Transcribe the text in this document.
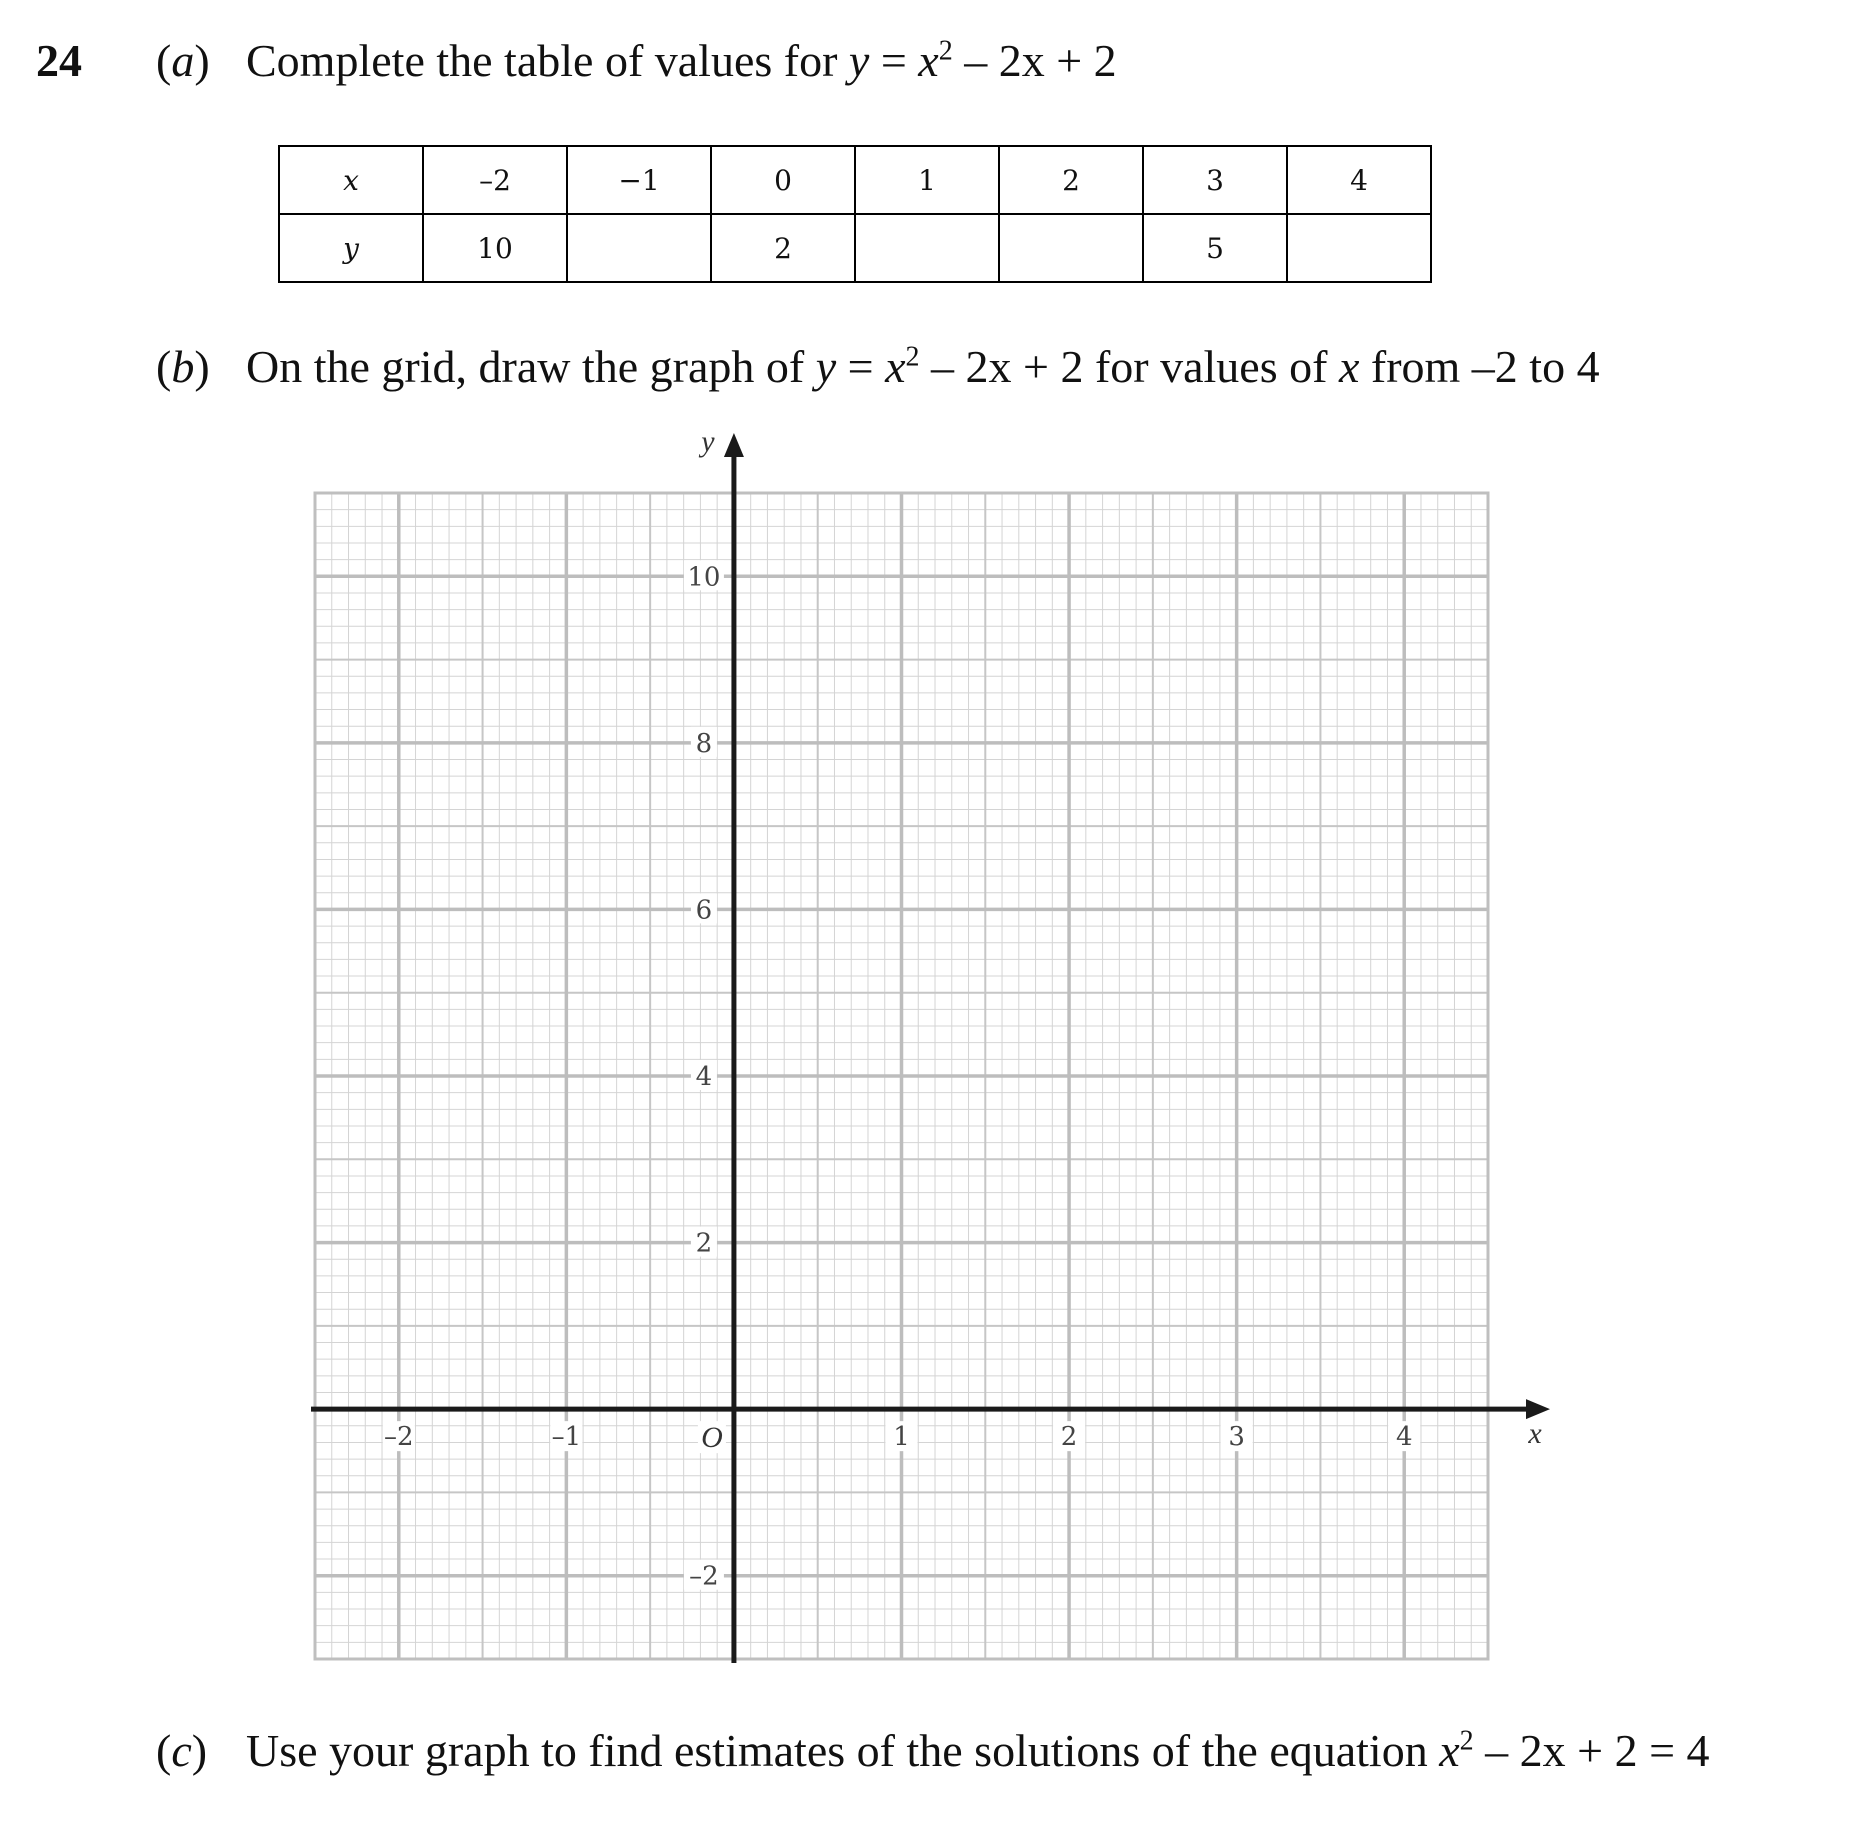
24 (a) Complete the table of values for $y = x^2 - 2x + 2$
x	–2	−1	0	1	2	3	4
y	10		2			5	
(b) On the grid, draw the graph of $y = x^2 - 2x + 2$ for values of x from –2 to 4
–2	–1	1	2	3	4
10
8
6
4
2
–2
O	x
y
(c) Use your graph to find estimates of the solutions of the equation $x^2 - 2x + 2 = 4$
